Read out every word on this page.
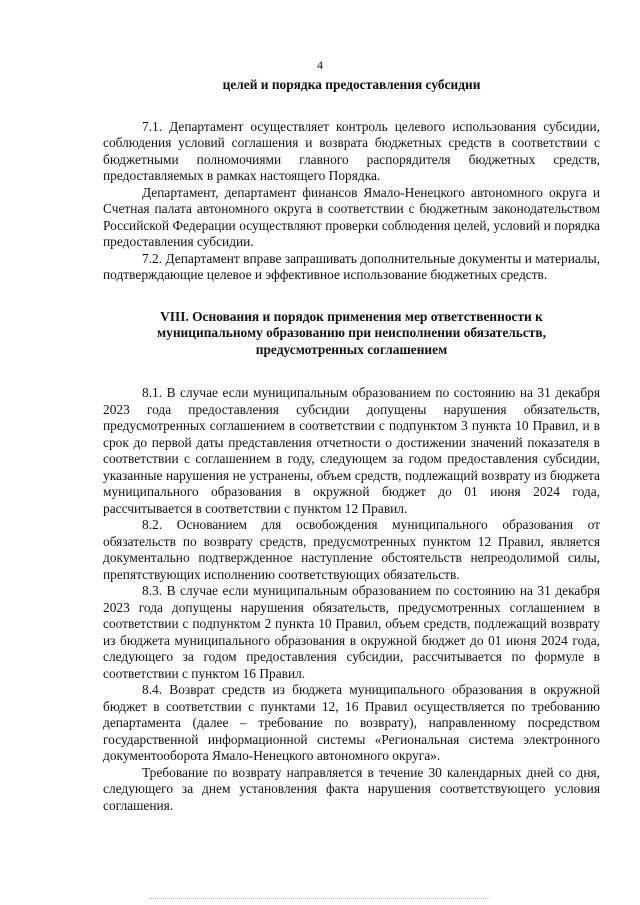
4
целей и порядка предоставления субсидии

7.1. Департамент осуществляет контроль целевого использования субсидии, соблюдения условий соглашения и возврата бюджетных средств в соответствии с бюджетными полномочиями главного распорядителя бюджетных средств, предоставляемых в рамках настоящего Порядка.

Департамент, департамент финансов Ямало-Ненецкого автономного округа и Счетная палата автономного округа в соответствии с бюджетным законодательством Российской Федерации осуществляют проверки соблюдения целей, условий и порядка предоставления субсидии.

7.2. Департамент вправе запрашивать дополнительные документы и материалы, подтверждающие целевое и эффективное использование бюджетных средств.

VIII. Основания и порядок применения мер ответственности к
муниципальному образованию при неисполнении обязательств,
предусмотренных соглашением

8.1. В случае если муниципальным образованием по состоянию на 31 декабря 2023 года предоставления субсидии допущены нарушения обязательств, предусмотренных соглашением в соответствии с подпунктом 3 пункта 10 Правил, и в срок до первой даты представления отчетности о достижении значений показателя в соответствии с соглашением в году, следующем за годом предоставления субсидии, указанные нарушения не устранены, объем средств, подлежащий возврату из бюджета муниципального образования в окружной бюджет до 01 июня 2024 года, рассчитывается в соответствии с пунктом 12 Правил.

8.2. Основанием для освобождения муниципального образования от обязательств по возврату средств, предусмотренных пунктом 12 Правил, является документально подтвержденное наступление обстоятельств непреодолимой силы, препятствующих исполнению соответствующих обязательств.

8.3. В случае если муниципальным образованием по состоянию на 31 декабря 2023 года допущены нарушения обязательств, предусмотренных соглашением в соответствии с подпунктом 2 пункта 10 Правил, объем средств, подлежащий возврату из бюджета муниципального образования в окружной бюджет до 01 июня 2024 года, следующего за годом предоставления субсидии, рассчитывается по формуле в соответствии с пунктом 16 Правил.

8.4. Возврат средств из бюджета муниципального образования в окружной бюджет в соответствии с пунктами 12, 16 Правил осуществляется по требованию департамента (далее – требование по возврату), направленному посредством государственной информационной системы «Региональная система электронного документооборота Ямало-Ненецкого автономного округа».

Требование по возврату направляется в течение 30 календарных дней со дня, следующего за днем установления факта нарушения соответствующего условия соглашения.
